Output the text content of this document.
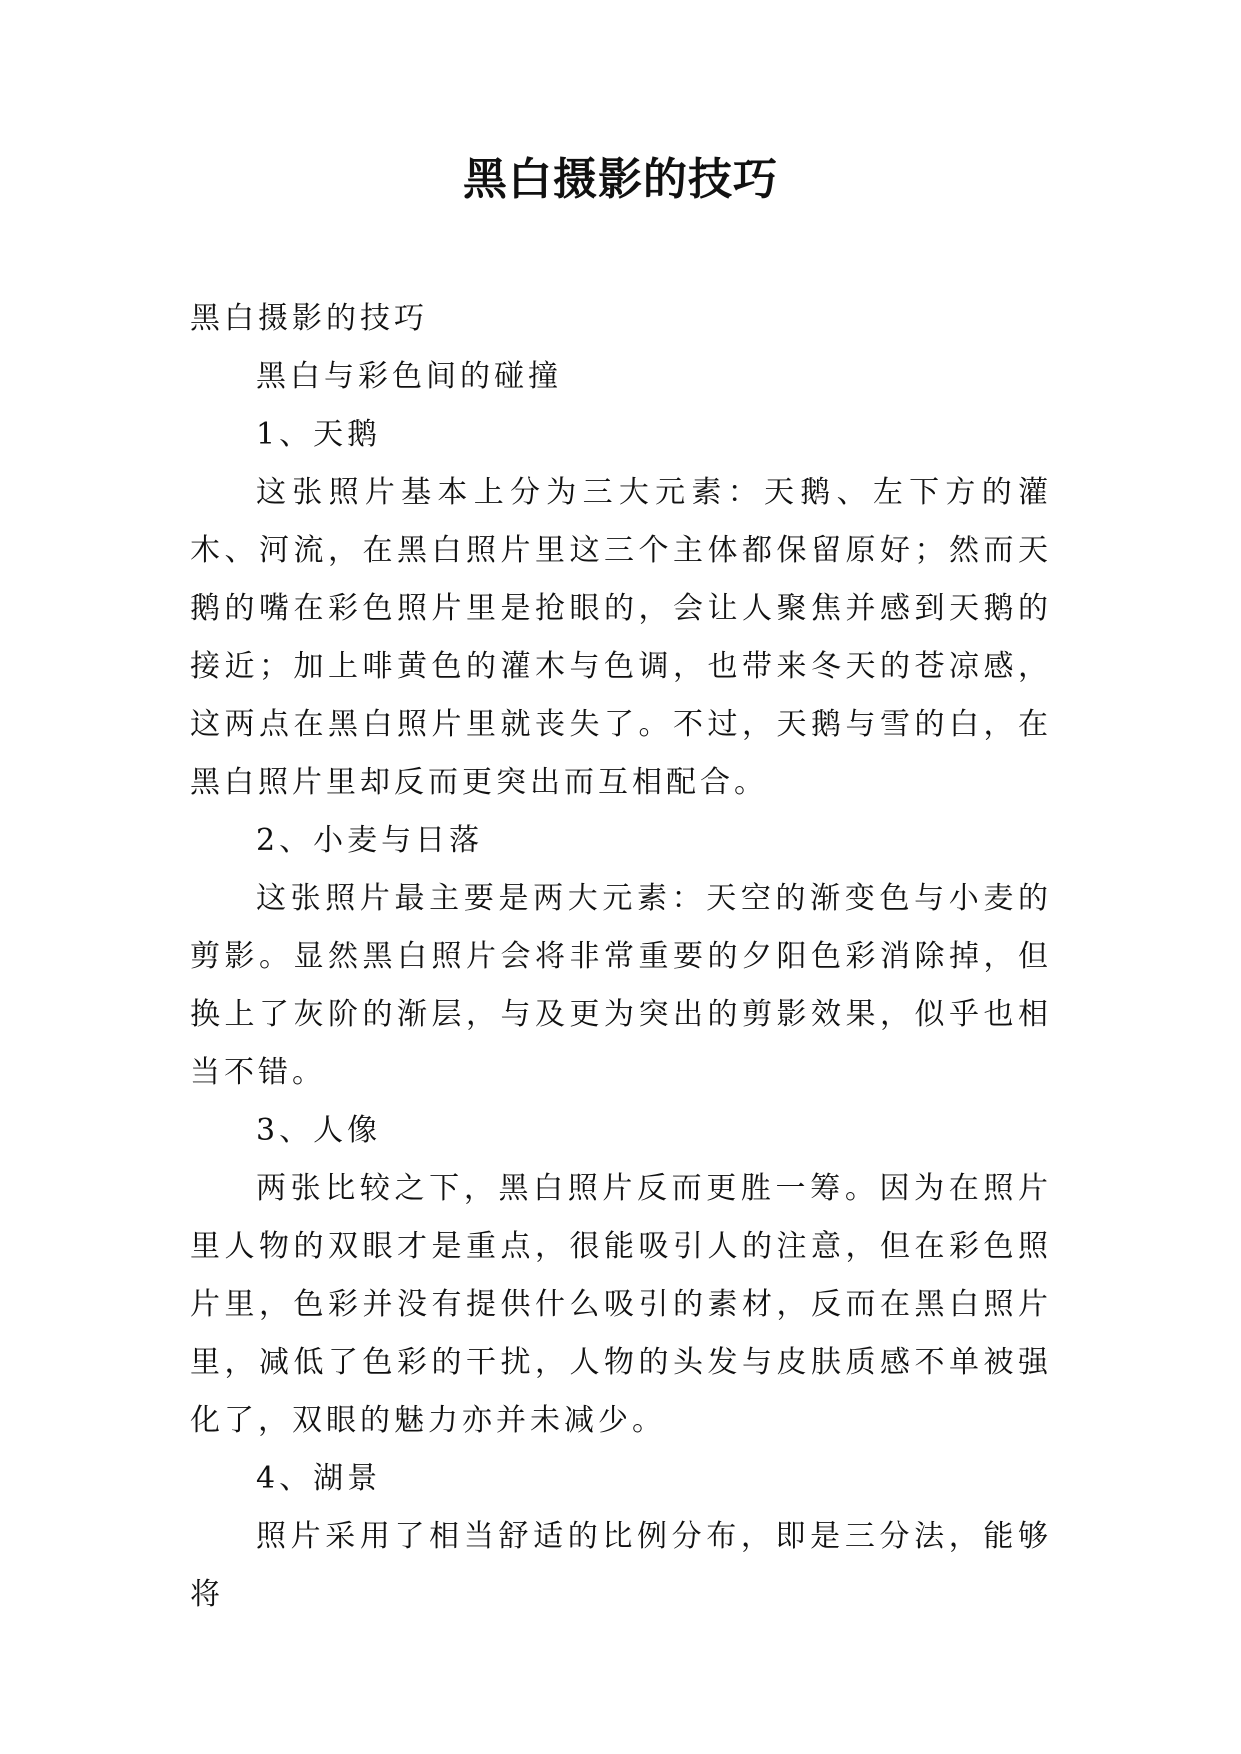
黑白摄影的技巧

黑白摄影的技巧

黑白与彩色间的碰撞

1、天鹅

这张照片基本上分为三大元素：天鹅、左下方的灌木、河流，在黑白照片里这三个主体都保留原好；然而天鹅的嘴在彩色照片里是抢眼的，会让人聚焦并感到天鹅的接近；加上啡黄色的灌木与色调，也带来冬天的苍凉感，这两点在黑白照片里就丧失了。不过，天鹅与雪的白，在黑白照片里却反而更突出而互相配合。

2、小麦与日落

这张照片最主要是两大元素：天空的渐变色与小麦的剪影。显然黑白照片会将非常重要的夕阳色彩消除掉，但换上了灰阶的渐层，与及更为突出的剪影效果，似乎也相当不错。

3、人像

两张比较之下，黑白照片反而更胜一筹。因为在照片里人物的双眼才是重点，很能吸引人的注意，但在彩色照片里，色彩并没有提供什么吸引的素材，反而在黑白照片里，减低了色彩的干扰，人物的头发与皮肤质感不单被强化了，双眼的魅力亦并未减少。

4、湖景

照片采用了相当舒适的比例分布，即是三分法，能够将
